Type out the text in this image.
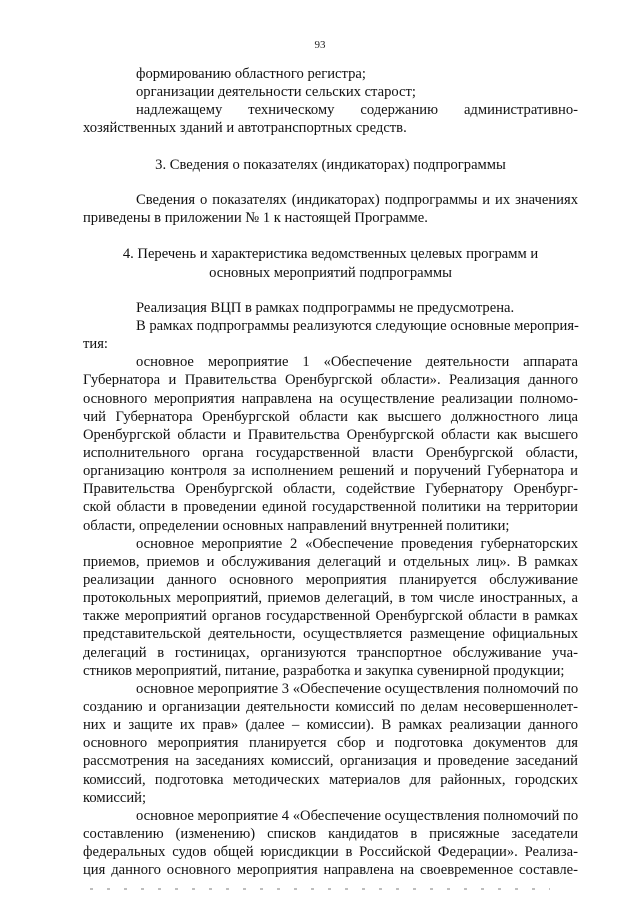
93
формированию областного регистра;
организации деятельности сельских старост;
надлежащему техническому содержанию административно-
хозяйственных зданий и автотранспортных средств.
3. Сведения о показателях (индикаторах) подпрограммы
Сведения о показателях (индикаторах) подпрограммы и их значениях
приведены в приложении № 1 к настоящей Программе.
4. Перечень и характеристика ведомственных целевых программ и
основных мероприятий подпрограммы
Реализация ВЦП в рамках подпрограммы не предусмотрена.
В рамках подпрограммы реализуются следующие основные мероприя-
тия:
основное мероприятие 1 «Обеспечение деятельности аппарата
Губернатора и Правительства Оренбургской области». Реализация данного
основного мероприятия направлена на осуществление реализации полномо-
чий Губернатора Оренбургской области как высшего должностного лица
Оренбургской области и Правительства Оренбургской области как высшего
исполнительного органа государственной власти Оренбургской области,
организацию контроля за исполнением решений и поручений Губернатора и
Правительства Оренбургской области, содействие Губернатору Оренбург-
ской области в проведении единой государственной политики на территории
области, определении основных направлений внутренней политики;
основное мероприятие 2 «Обеспечение проведения губернаторских
приемов, приемов и обслуживания делегаций и отдельных лиц». В рамках
реализации данного основного мероприятия планируется обслуживание
протокольных мероприятий, приемов делегаций, в том числе иностранных, а
также мероприятий органов государственной Оренбургской области в рамках
представительской деятельности, осуществляется размещение официальных
делегаций в гостиницах, организуются транспортное обслуживание уча-
стников мероприятий, питание, разработка и закупка сувенирной продукции;
основное мероприятие 3 «Обеспечение осуществления полномочий по
созданию и организации деятельности комиссий по делам несовершеннолет-
них и защите их прав» (далее – комиссии). В рамках реализации данного
основного мероприятия планируется сбор и подготовка документов для
рассмотрения на заседаниях комиссий, организация и проведение заседаний
комиссий, подготовка методических материалов для районных, городских
комиссий;
основное мероприятие 4 «Обеспечение осуществления полномочий по
составлению (изменению) списков кандидатов в присяжные заседатели
федеральных судов общей юрисдикции в Российской Федерации». Реализа-
ция данного основного мероприятия направлена на своевременное составле-
